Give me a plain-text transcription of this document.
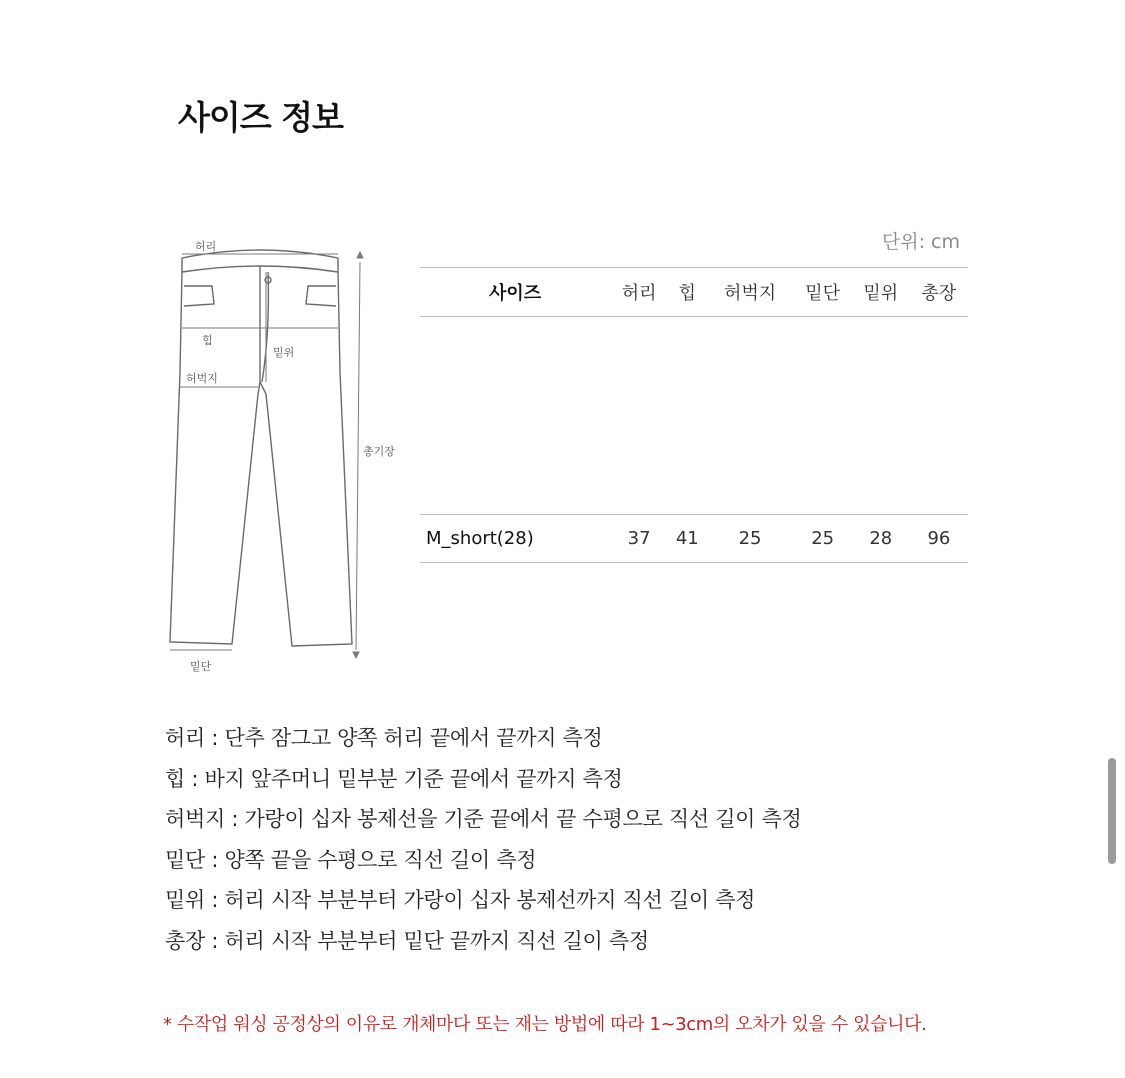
사이즈 정보
허리
힙
밑위
허벅지
총기장
밑단
단위: cm
사이즈	허리	힙	허벅지	밑단	밑위	총장

M_short(28)	37	41	25	25	28	96
허리 : 단추 잠그고 양쪽 허리 끝에서 끝까지 측정
힙 : 바지 앞주머니 밑부분 기준 끝에서 끝까지 측정
허벅지 : 가랑이 십자 봉제선을 기준 끝에서 끝 수평으로 직선 길이 측정
밑단 : 양쪽 끝을 수평으로 직선 길이 측정
밑위 : 허리 시작 부분부터 가랑이 십자 봉제선까지 직선 길이 측정
총장 : 허리 시작 부분부터 밑단 끝까지 직선 길이 측정
* 수작업 워싱 공정상의 이유로 개체마다 또는 재는 방법에 따라 1~3cm의 오차가 있을 수 있습니다.
